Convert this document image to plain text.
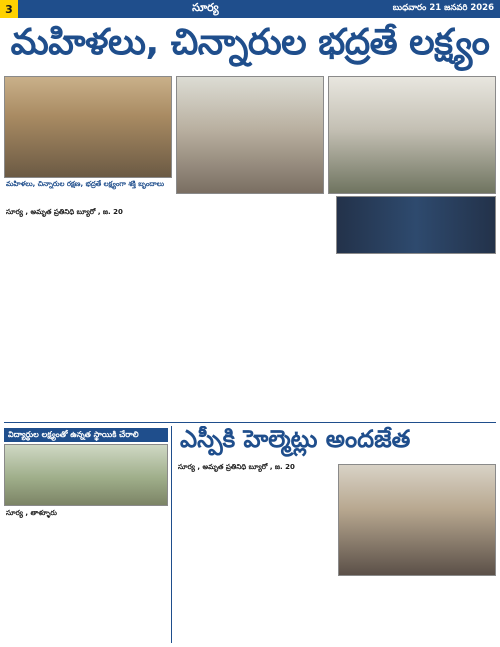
3	సూర్య	బుధవారం 21 జనవరి 2026
మహిళలు, చిన్నారుల భద్రతే లక్ష్యం
మహిళలు, చిన్నారుల రక్షణ, భద్రతే లక్ష్యంగా శక్తి బృందాలు
సూర్య , అమృత ప్రతినిధి బ్యూరో , జ. 20
విద్యార్థుల లక్ష్యంతో ఉన్నత స్థాయికి చేరాలి
సూర్య , తాళ్ళూరు
ఎస్పీకి హెల్మెట్లు అందజేత
సూర్య , అమృత ప్రతినిధి బ్యూరో , జ. 20
